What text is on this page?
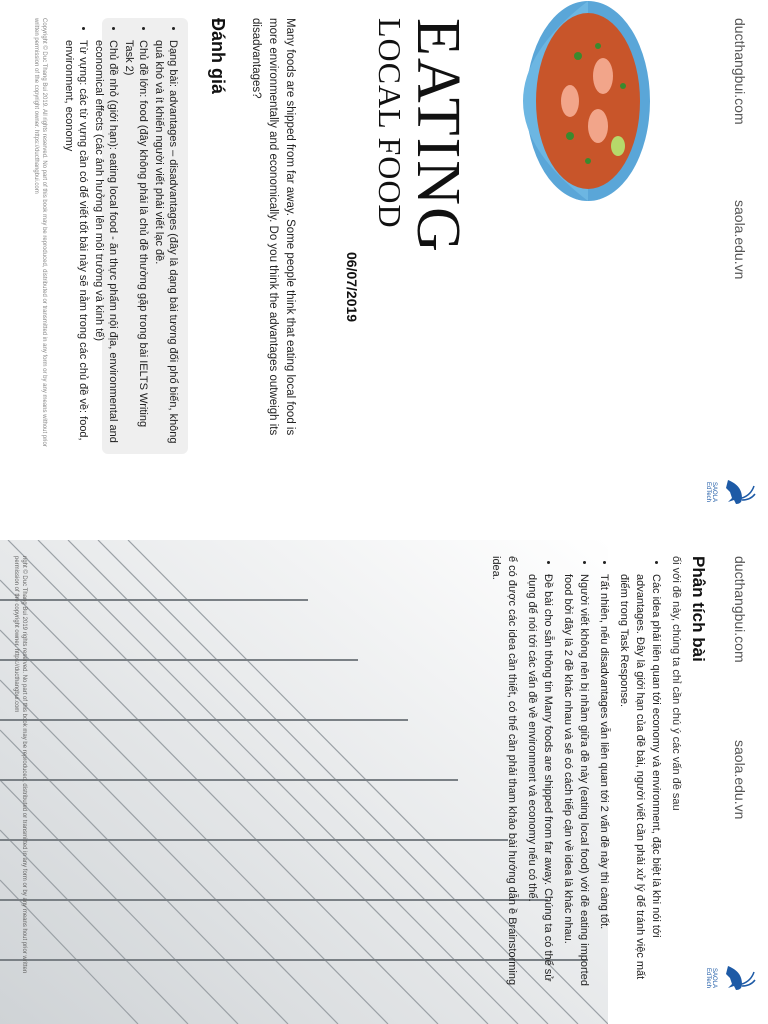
ducthangbui.com
saola.edu.vn
SAOLA EdTech
EATING
LOCAL FOOD
06/07/2019
Many foods are shipped from far away. Some people think that eating local food is more environmentally and economically. Do you think the advantages outweigh its disadvantages?
Đánh giá
• Dạng bài: advantages – disadvantages (đây là dạng bài tương đối phổ biến, không quá khó và ít khiến người viết phải viết lạc đề.
• Chủ đề lớn: food (đây không phải là chủ đề thường gặp trong bài IELTS Writing Task 2)
• Chủ đề nhỏ (giới hạn): eating local food - ăn thực phẩm nội địa, environmental and economical effects (các ảnh hưởng lên môi trường và kinh tế)
• Từ vựng: các từ vựng cần có để viết tốt bài này sẽ nằm trong các chủ đề về: food, environment, economy
Copyright © Duc Thang Bui 2019. All rights reserved. No part of this book may be reproduced, distributed or transmitted in any form or by any means without prior written permission of the copyright owner. https://ducthangbui.com
ducthangbui.com
saola.edu.vn
SAOLA EdTech
Phân tích bài
ối với đề này, chúng ta chỉ cần chú ý các vấn đề sau
• Các idea phải liên quan tới economy và environment, đặc biệt là khi nói tới advantages. Đây là giới hạn của đề bài, người viết cần phải xử lý để tránh việc mất điểm trong Task Response.
• Tất nhiên, nếu disadvantages vẫn liên quan tới 2 vấn đề này thì càng tốt.
• Người viết không nên bị nhầm giữa đề này (eating local food) với đề eating imported food bởi đây là 2 đề khác nhau và sẽ có cách tiếp cận về idea là khác nhau.
• Đề bài cho sẵn thông tin Many foods are shipped from far away. Chúng ta có thể sử dụng để nói tới các vấn đề về environment và economy nếu có thể.
ể có được các idea cần thiết, có thể cần phải tham khảo bài hướng dẫn ề Brainstorming idea.
right © Duc Thang Bui 2019 rights reserved. No part of this book may be reproduced, distributed or transmitted in any form or by any means hout prior written permission of the copyright owner. https://ducthangbui.com
